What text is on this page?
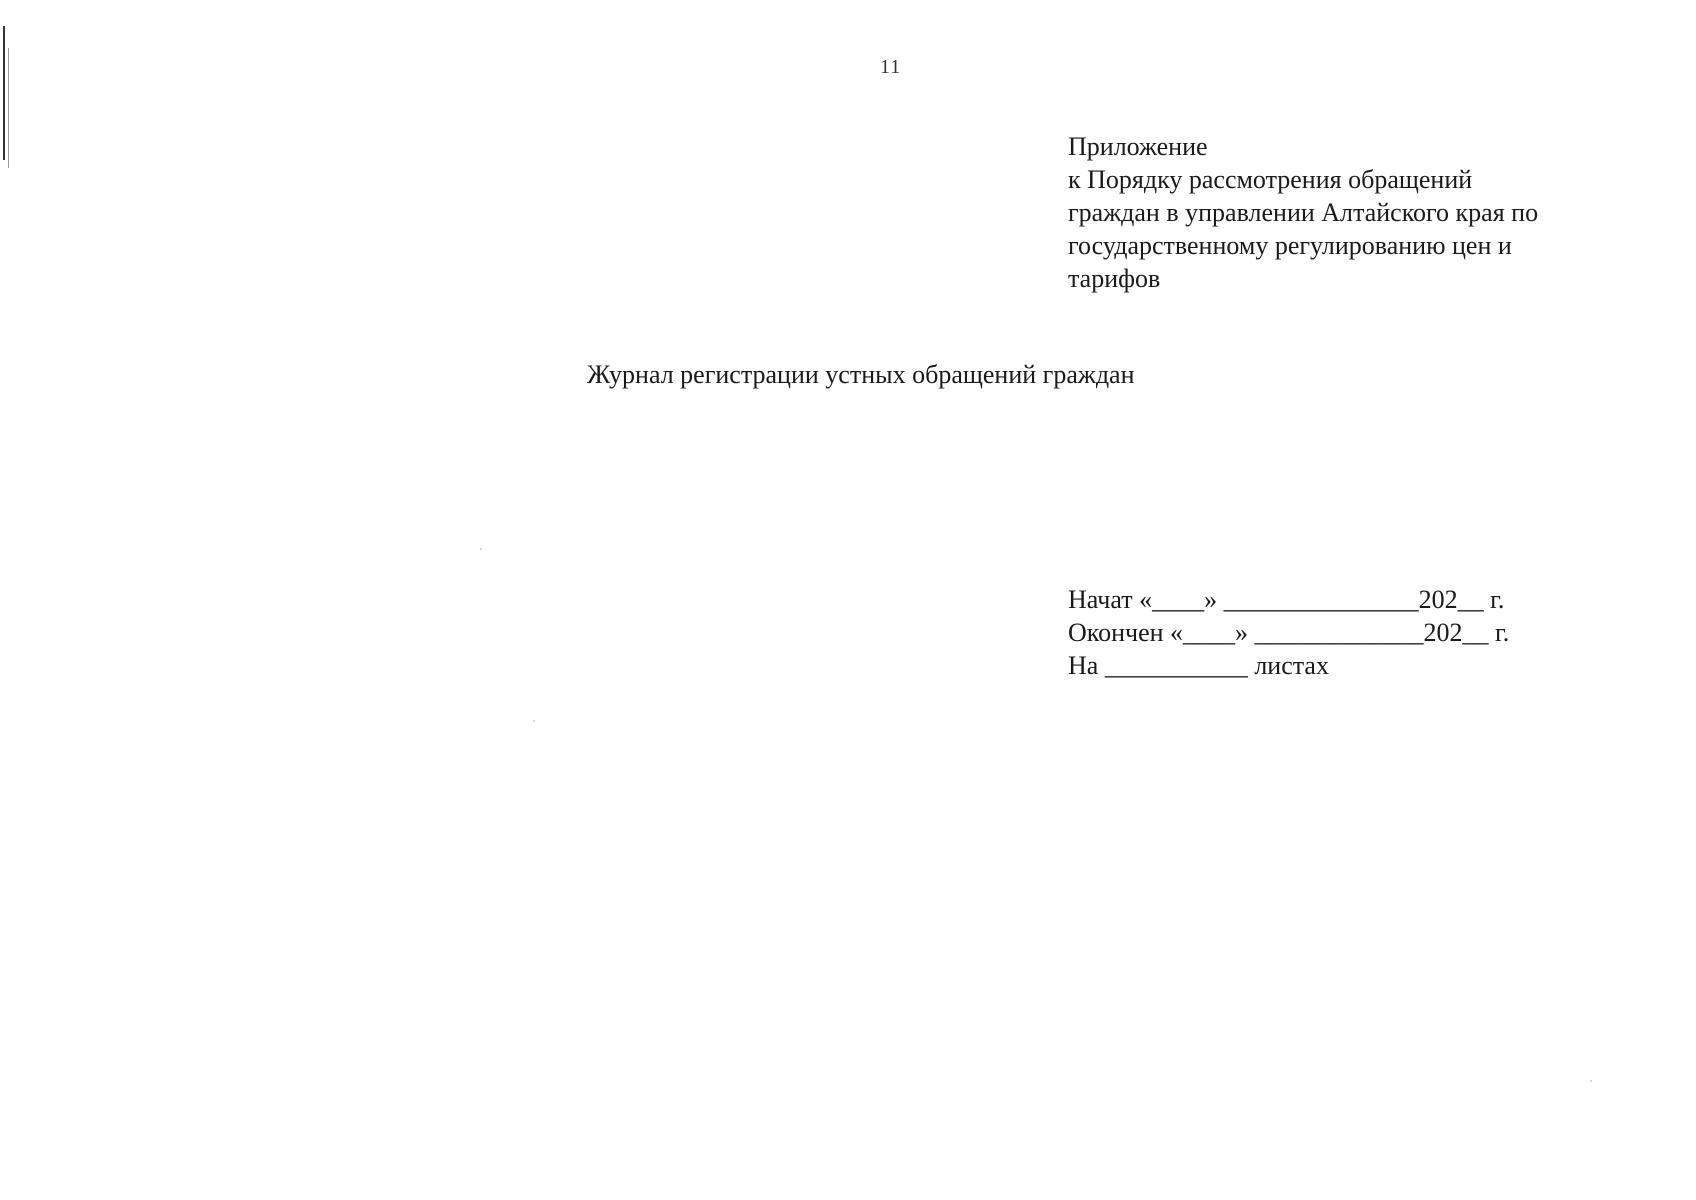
11
Приложение
к Порядку рассмотрения обращений
граждан в управлении Алтайского края по
государственному регулированию цен и
тарифов
Журнал регистрации устных обращений граждан
Начат «____» _______________202__ г.
Окончен «____» _____________202__ г.
На ___________ листах
